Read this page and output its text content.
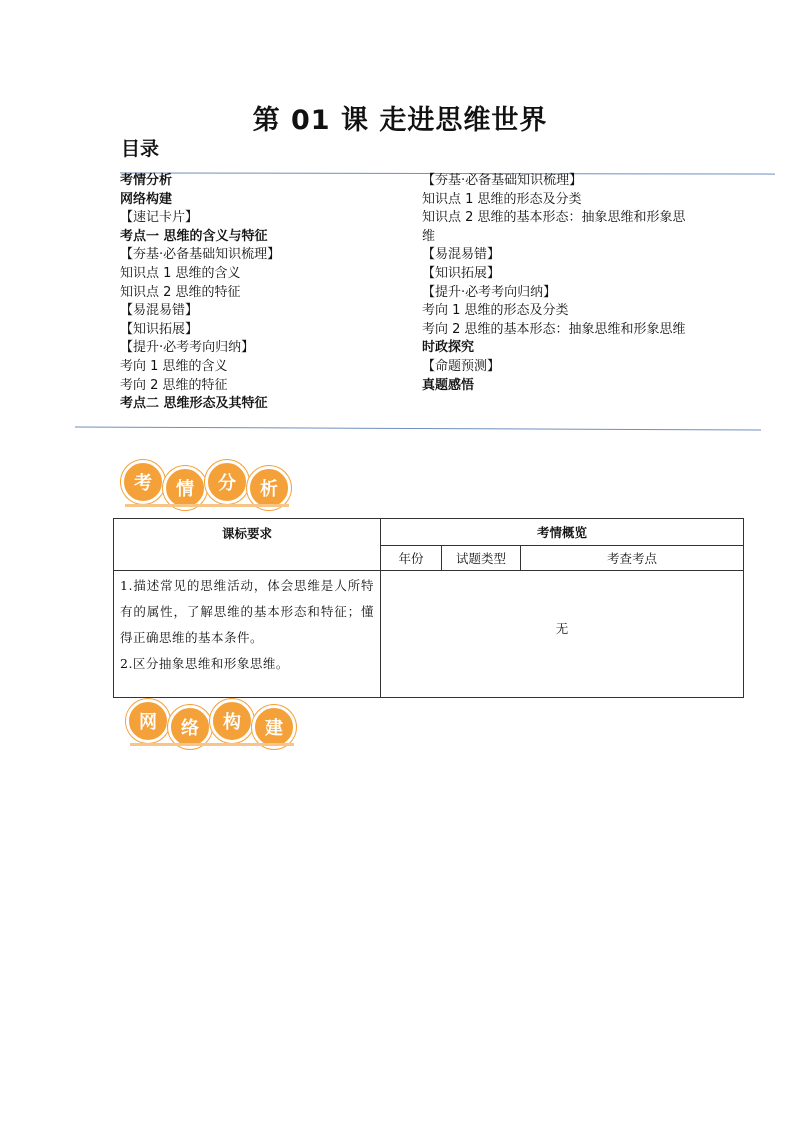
第 01 课 走进思维世界
目录
考情分析
网络构建
【速记卡片】
考点一 思维的含义与特征
【夯基·必备基础知识梳理】
知识点 1 思维的含义
知识点 2 思维的特征
【易混易错】
【知识拓展】
【提升·必考考向归纳】
考向 1 思维的含义
考向 2 思维的特征
考点二 思维形态及其特征
【夯基·必备基础知识梳理】
知识点 1 思维的形态及分类
知识点 2 思维的基本形态：抽象思维和形象思维
【易混易错】
【知识拓展】
【提升·必考考向归纳】
考向 1 思维的形态及分类
考向 2 思维的基本形态：抽象思维和形象思维
时政探究
【命题预测】
真题感悟
考	情	分	析
课标要求	考情概览		
	年份	试题类型	考查考点

1.描述常见的思维活动，体会思维是人所特有的属性，了解思维的基本形态和特征；懂得正确思维的基本条件。
2.区分抽象思维和形象思维。	无		
网	络	构	建
